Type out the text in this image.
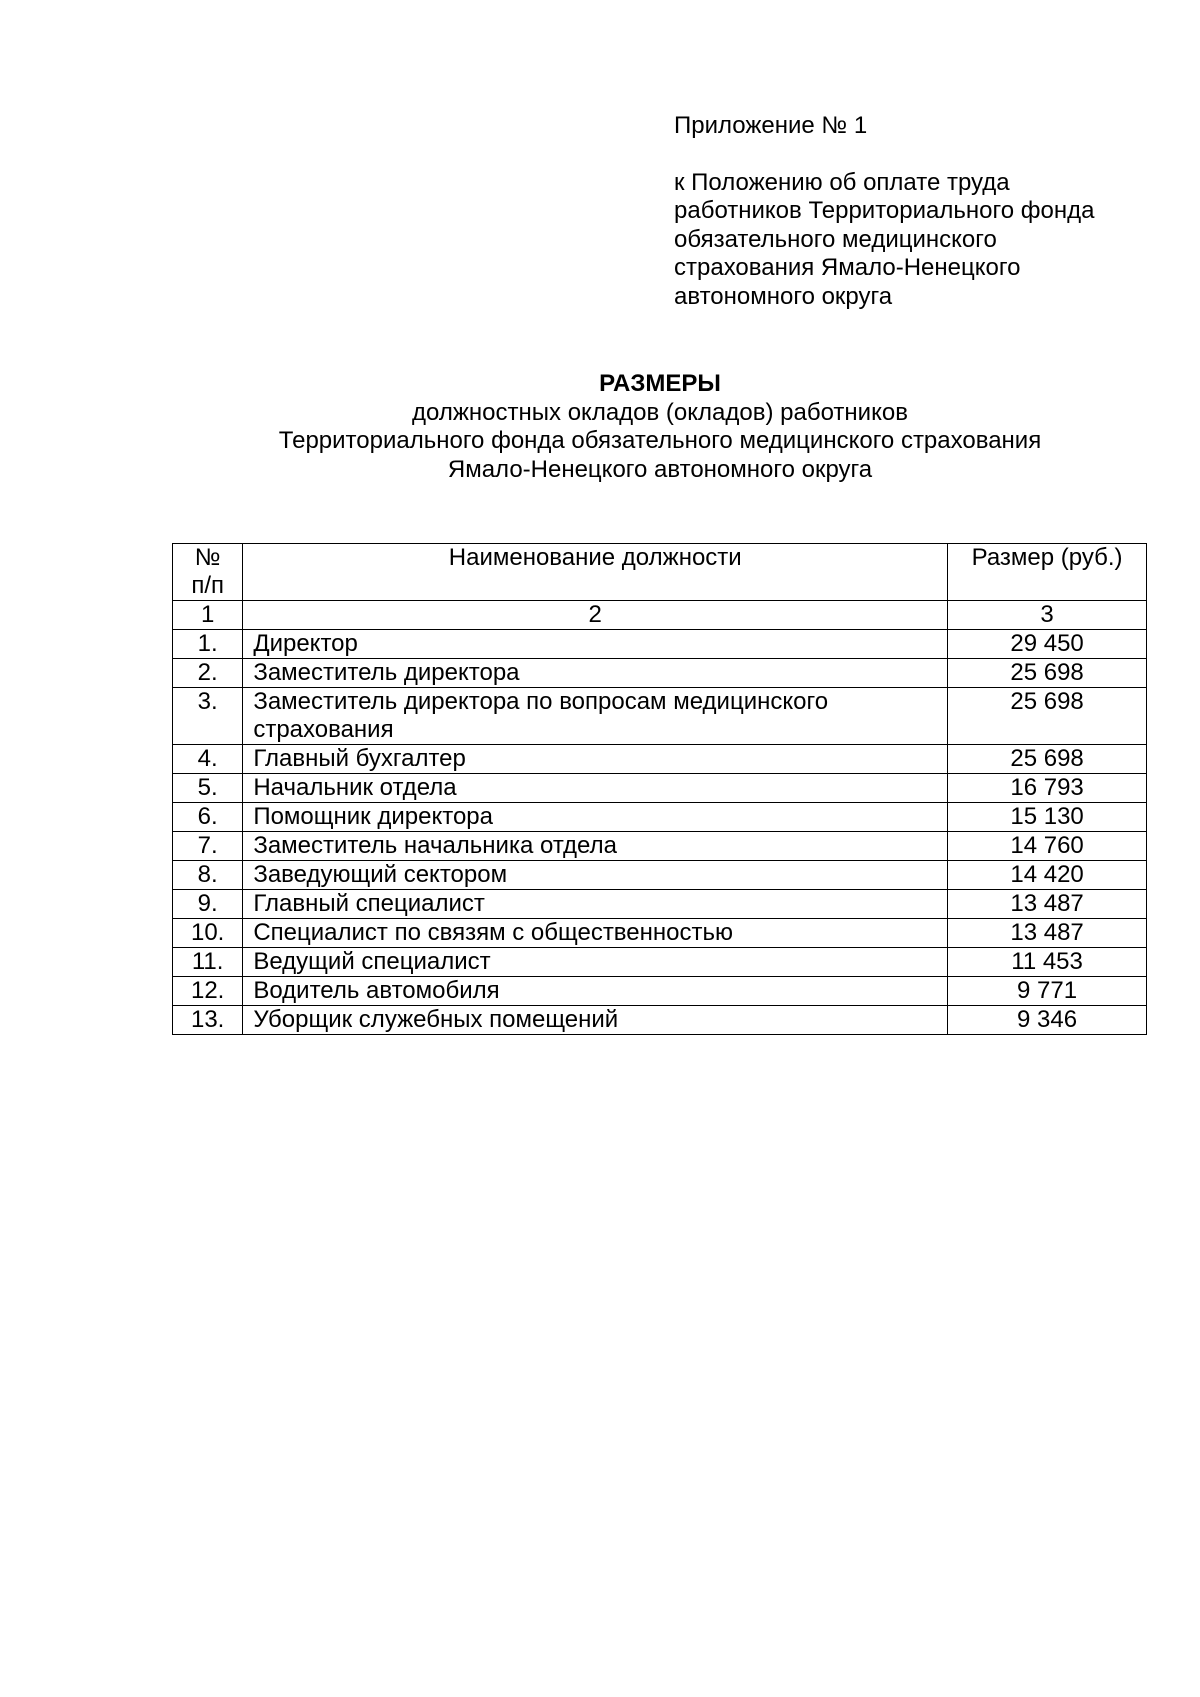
Приложение № 1

к Положению об оплате труда
работников Территориального фонда
обязательного медицинского
страхования Ямало-Ненецкого
автономного округа

РАЗМЕРЫ

должностных окладов (окладов) работников
Территориального фонда обязательного медицинского страхования
Ямало-Ненецкого автономного округа

№
п/п	Наименование должности	Размер (руб.)
1	2	3
1.	Директор	29 450
2.	Заместитель директора	25 698
3.	Заместитель директора по вопросам медицинского страхования	25 698
4.	Главный бухгалтер	25 698
5.	Начальник отдела	16 793
6.	Помощник директора	15 130
7.	Заместитель начальника отдела	14 760
8.	Заведующий сектором	14 420
9.	Главный специалист	13 487
10.	Специалист по связям с общественностью	13 487
11.	Ведущий специалист	11 453
12.	Водитель автомобиля	9 771
13.	Уборщик служебных помещений	9 346
